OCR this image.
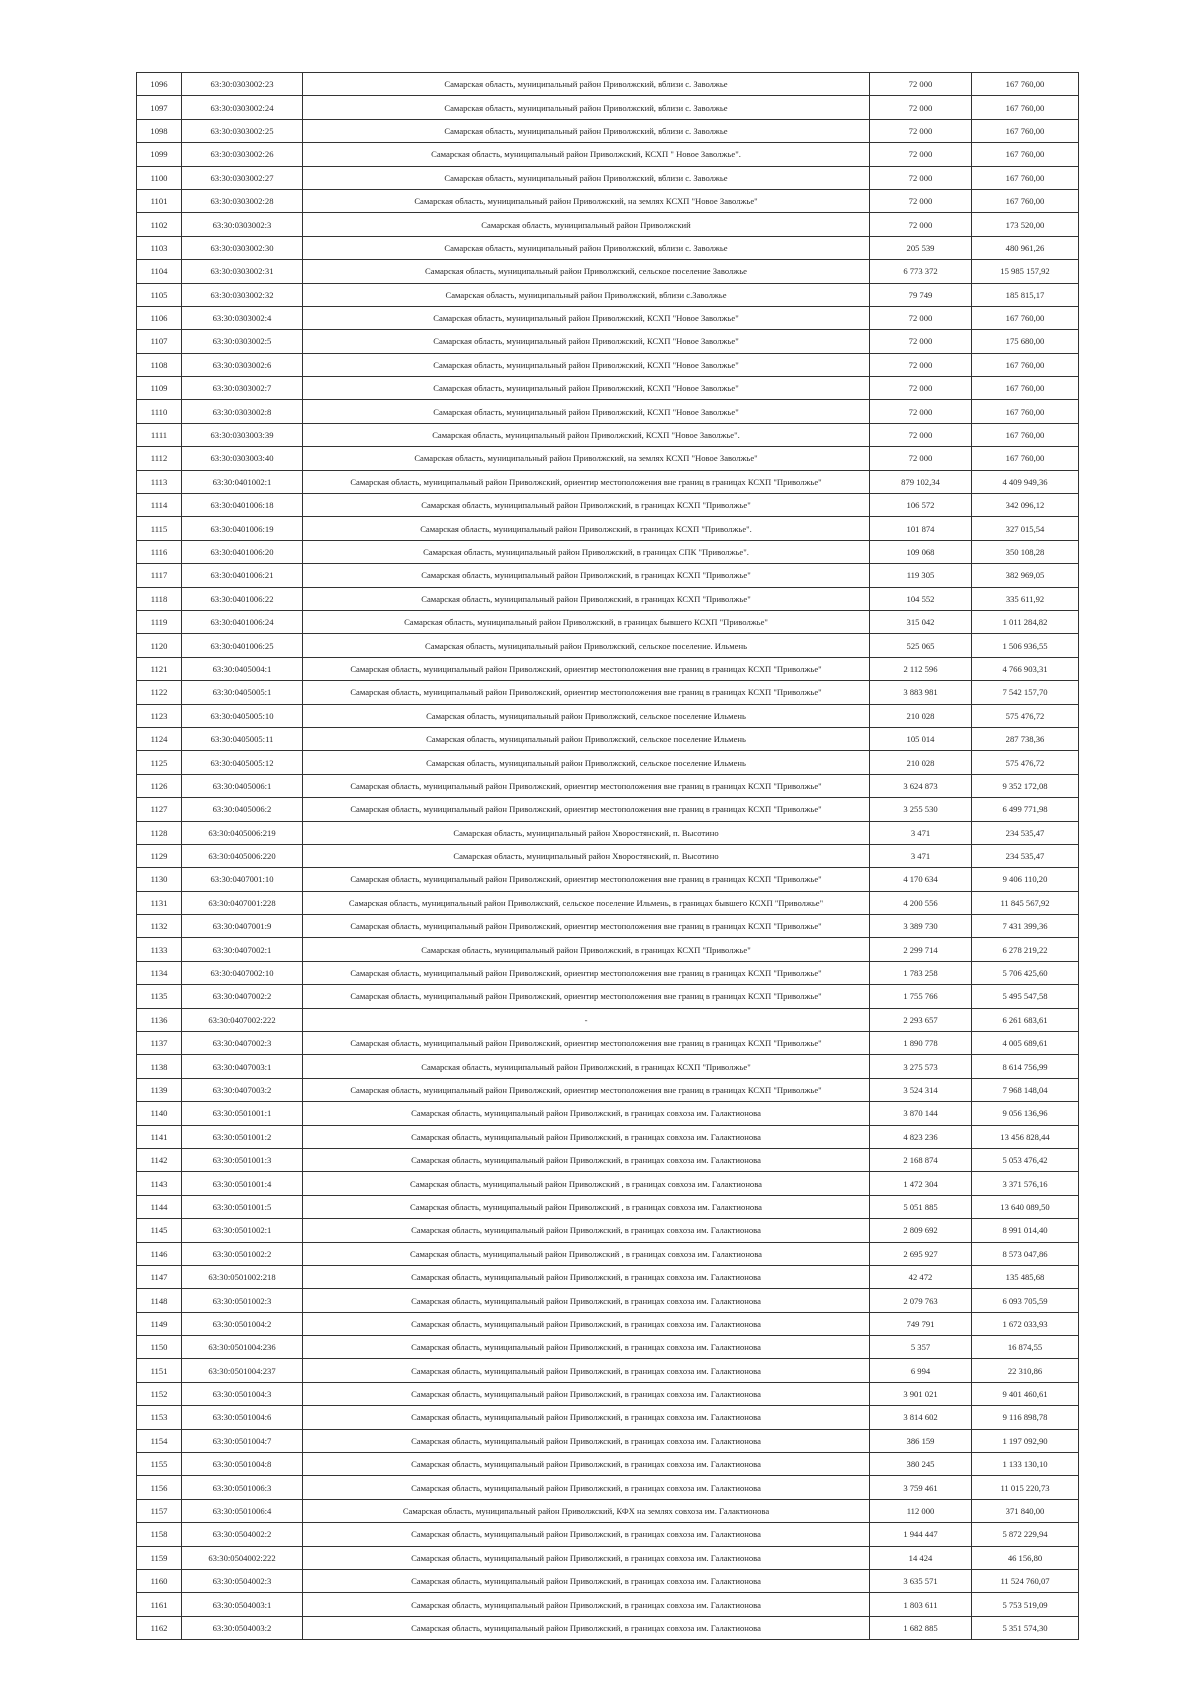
1096	63:30:0303002:23	Самарская область, муниципальный район Приволжский, вблизи с. Заволжье	72 000	167 760,00
1097	63:30:0303002:24	Самарская область, муниципальный район Приволжский, вблизи с. Заволжье	72 000	167 760,00
1098	63:30:0303002:25	Самарская область, муниципальный район Приволжский, вблизи с. Заволжье	72 000	167 760,00
1099	63:30:0303002:26	Самарская область, муниципальный район Приволжский, КСХП " Новое Заволжье".	72 000	167 760,00
1100	63:30:0303002:27	Самарская область, муниципальный район Приволжский, вблизи с. Заволжье	72 000	167 760,00
1101	63:30:0303002:28	Самарская область, муниципальный район Приволжский, на землях КСХП "Новое Заволжье"	72 000	167 760,00
1102	63:30:0303002:3	Самарская область, муниципальный район Приволжский	72 000	173 520,00
1103	63:30:0303002:30	Самарская область, муниципальный район Приволжский, вблизи с. Заволжье	205 539	480 961,26
1104	63:30:0303002:31	Самарская область, муниципальный район Приволжский, сельское поселение Заволжье	6 773 372	15 985 157,92
1105	63:30:0303002:32	Самарская область, муниципальный район Приволжский, вблизи с.Заволжье	79 749	185 815,17
1106	63:30:0303002:4	Самарская область, муниципальный район Приволжский, КСХП "Новое Заволжье"	72 000	167 760,00
1107	63:30:0303002:5	Самарская область, муниципальный район Приволжский, КСХП "Новое Заволжье"	72 000	175 680,00
1108	63:30:0303002:6	Самарская область, муниципальный район Приволжский, КСХП "Новое Заволжье"	72 000	167 760,00
1109	63:30:0303002:7	Самарская область, муниципальный район Приволжский, КСХП "Новое Заволжье"	72 000	167 760,00
1110	63:30:0303002:8	Самарская область, муниципальный район Приволжский, КСХП "Новое Заволжье"	72 000	167 760,00
1111	63:30:0303003:39	Самарская область, муниципальный район Приволжский, КСХП "Новое Заволжье".	72 000	167 760,00
1112	63:30:0303003:40	Самарская область, муниципальный район Приволжский, на землях КСХП "Новое Заволжье"	72 000	167 760,00
1113	63:30:0401002:1	Самарская область, муниципальный район Приволжский, ориентир местоположения вне границ в границах КСХП "Приволжье"	879 102,34	4 409 949,36
1114	63:30:0401006:18	Самарская область, муниципальный район Приволжский, в границах КСХП "Приволжье"	106 572	342 096,12
1115	63:30:0401006:19	Самарская область, муниципальный район Приволжский, в границах КСХП "Приволжье".	101 874	327 015,54
1116	63:30:0401006:20	Самарская область, муниципальный район Приволжский, в границах СПК "Приволжье".	109 068	350 108,28
1117	63:30:0401006:21	Самарская область, муниципальный район Приволжский, в границах КСХП "Приволжье"	119 305	382 969,05
1118	63:30:0401006:22	Самарская область, муниципальный район Приволжский, в границах КСХП "Приволжье"	104 552	335 611,92
1119	63:30:0401006:24	Самарская область, муниципальный район Приволжский, в границах бывшего КСХП "Приволжье"	315 042	1 011 284,82
1120	63:30:0401006:25	Самарская область, муниципальный район Приволжский, сельское поселение. Ильмень	525 065	1 506 936,55
1121	63:30:0405004:1	Самарская область, муниципальный район Приволжский, ориентир местоположения вне границ в границах КСХП "Приволжье"	2 112 596	4 766 903,31
1122	63:30:0405005:1	Самарская область, муниципальный район Приволжский, ориентир местоположения вне границ в границах КСХП "Приволжье"	3 883 981	7 542 157,70
1123	63:30:0405005:10	Самарская область, муниципальный район Приволжский, сельское поселение Ильмень	210 028	575 476,72
1124	63:30:0405005:11	Самарская область, муниципальный район Приволжский, сельское поселение Ильмень	105 014	287 738,36
1125	63:30:0405005:12	Самарская область, муниципальный район Приволжский, сельское поселение Ильмень	210 028	575 476,72
1126	63:30:0405006:1	Самарская область, муниципальный район Приволжский, ориентир местоположения вне границ в границах КСХП "Приволжье"	3 624 873	9 352 172,08
1127	63:30:0405006:2	Самарская область, муниципальный район Приволжский, ориентир местоположения вне границ в границах КСХП "Приволжье"	3 255 530	6 499 771,98
1128	63:30:0405006:219	Самарская область, муниципальный район Хворостянский, п. Высотино	3 471	234 535,47
1129	63:30:0405006:220	Самарская область, муниципальный район Хворостянский, п. Высотино	3 471	234 535,47
1130	63:30:0407001:10	Самарская область, муниципальный район Приволжский, ориентир местоположения вне границ в границах КСХП "Приволжье"	4 170 634	9 406 110,20
1131	63:30:0407001:228	Самарская область, муниципальный район Приволжский, сельское поселение Ильмень, в границах бывшего КСХП "Приволжье"	4 200 556	11 845 567,92
1132	63:30:0407001:9	Самарская область, муниципальный район Приволжский, ориентир местоположения вне границ в границах КСХП "Приволжье"	3 389 730	7 431 399,36
1133	63:30:0407002:1	Самарская область, муниципальный район Приволжский, в границах КСХП "Приволжье"	2 299 714	6 278 219,22
1134	63:30:0407002:10	Самарская область, муниципальный район Приволжский, ориентир местоположения вне границ в границах КСХП "Приволжье"	1 783 258	5 706 425,60
1135	63:30:0407002:2	Самарская область, муниципальный район Приволжский, ориентир местоположения вне границ в границах КСХП "Приволжье"	1 755 766	5 495 547,58
1136	63:30:0407002:222	-	2 293 657	6 261 683,61
1137	63:30:0407002:3	Самарская область, муниципальный район Приволжский, ориентир местоположения вне границ в границах КСХП "Приволжье"	1 890 778	4 005 689,61
1138	63:30:0407003:1	Самарская область, муниципальный район Приволжский, в границах КСХП "Приволжье"	3 275 573	8 614 756,99
1139	63:30:0407003:2	Самарская область, муниципальный район Приволжский, ориентир местоположения вне границ в границах КСХП "Приволжье"	3 524 314	7 968 148,04
1140	63:30:0501001:1	Самарская область, муниципальный район Приволжский, в границах совхоза им. Галактионова	3 870 144	9 056 136,96
1141	63:30:0501001:2	Самарская область, муниципальный район Приволжский, в границах совхоза им. Галактионова	4 823 236	13 456 828,44
1142	63:30:0501001:3	Самарская область, муниципальный район Приволжский, в границах совхоза им. Галактионова	2 168 874	5 053 476,42
1143	63:30:0501001:4	Самарская область, муниципальный район Приволжский , в границах совхоза им. Галактионова	1 472 304	3 371 576,16
1144	63:30:0501001:5	Самарская область, муниципальный район Приволжский , в границах совхоза им. Галактионова	5 051 885	13 640 089,50
1145	63:30:0501002:1	Самарская область, муниципальный район Приволжский, в границах совхоза им. Галактионова	2 809 692	8 991 014,40
1146	63:30:0501002:2	Самарская область, муниципальный район Приволжский , в границах совхоза им. Галактионова	2 695 927	8 573 047,86
1147	63:30:0501002:218	Самарская область, муниципальный район Приволжский, в границах совхоза им. Галактионова	42 472	135 485,68
1148	63:30:0501002:3	Самарская область, муниципальный район Приволжский, в границах совхоза им. Галактионова	2 079 763	6 093 705,59
1149	63:30:0501004:2	Самарская область, муниципальный район Приволжский, в границах совхоза им. Галактионова	749 791	1 672 033,93
1150	63:30:0501004:236	Самарская область, муниципальный район Приволжский, в границах совхоза им. Галактионова	5 357	16 874,55
1151	63:30:0501004:237	Самарская область, муниципальный район Приволжский, в границах совхоза им. Галактионова	6 994	22 310,86
1152	63:30:0501004:3	Самарская область, муниципальный район Приволжский, в границах совхоза им. Галактионова	3 901 021	9 401 460,61
1153	63:30:0501004:6	Самарская область, муниципальный район Приволжский, в границах совхоза им. Галактионова	3 814 602	9 116 898,78
1154	63:30:0501004:7	Самарская область, муниципальный район Приволжский, в границах совхоза им. Галактионова	386 159	1 197 092,90
1155	63:30:0501004:8	Самарская область, муниципальный район Приволжский, в границах совхоза им. Галактионова	380 245	1 133 130,10
1156	63:30:0501006:3	Самарская область, муниципальный район Приволжский, в границах совхоза им. Галактионова	3 759 461	11 015 220,73
1157	63:30:0501006:4	Самарская область, муниципальный район Приволжский, КФХ на землях совхоза им. Галактионова	112 000	371 840,00
1158	63:30:0504002:2	Самарская область, муниципальный район Приволжский, в границах совхоза им. Галактионова	1 944 447	5 872 229,94
1159	63:30:0504002:222	Самарская область, муниципальный район Приволжский, в границах совхоза им. Галактионова	14 424	46 156,80
1160	63:30:0504002:3	Самарская область, муниципальный район Приволжский, в границах совхоза им. Галактионова	3 635 571	11 524 760,07
1161	63:30:0504003:1	Самарская область, муниципальный район Приволжский, в границах совхоза им. Галактионова	1 803 611	5 753 519,09
1162	63:30:0504003:2	Самарская область, муниципальный район Приволжский, в границах совхоза им. Галактионова	1 682 885	5 351 574,30
